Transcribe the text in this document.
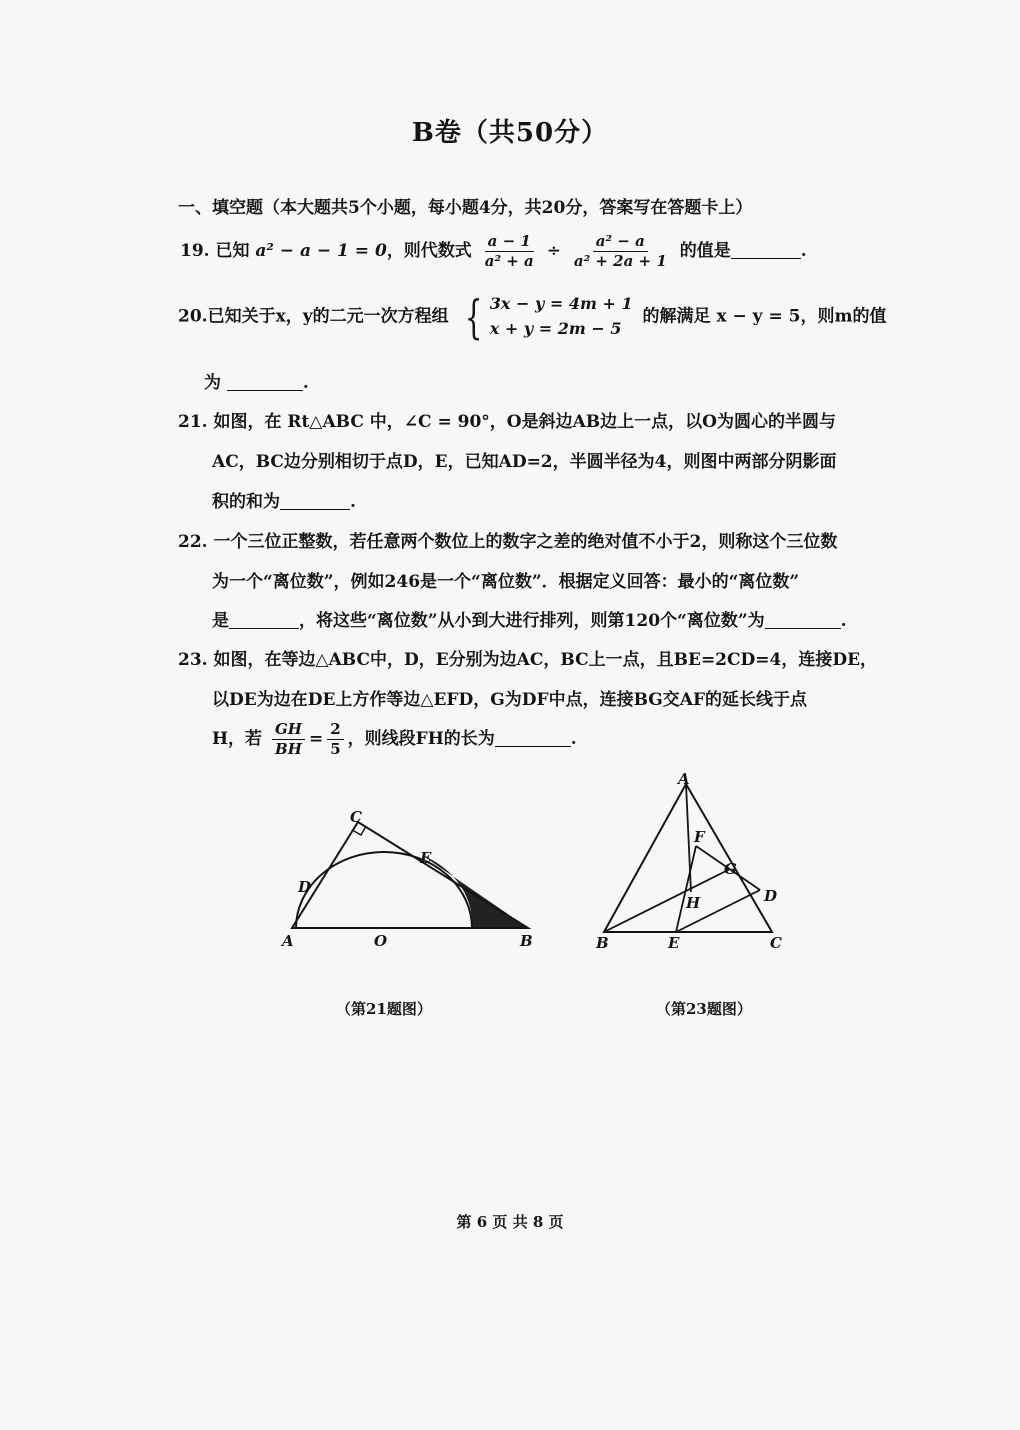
B卷（共50分）
一、填空题（本大题共5个小题，每小题4分，共20分，答案写在答题卡上）
19. 已知 a² − a − 1 = 0，则代数式 $\frac{a - 1}{\text{a² + a}} \div \frac{\text{a² − a}}{\text{a² + 2a + 1}}$ 的值是	.
20.已知关于x，y的二元一次方程组 { 3x − y = 4m + 1
x + y = 2m − 5
的解满足 x − y = 5，则m的值
为	.
21. 如图，在 Rt△ABC 中，∠C = 90°，O是斜边AB边上一点，以O为圆心的半圆与
AC，BC边分别相切于点D，E，已知AD=2，半圆半径为4，则图中两部分阴影面
积的和为	.
22. 一个三位正整数，若任意两个数位上的数字之差的绝对值不小于2，则称这个三位数
为一个“离位数”，例如246是一个“离位数”．根据定义回答：最小的“离位数”
是	，将这些“离位数”从小到大进行排列，则第120个“离位数”为	.
23. 如图，在等边△ABC中，D，E分别为边AC，BC上一点，且BE=2CD=4，连接DE，
以DE为边在DE上方作等边△EFD，G为DF中点，连接BG交AF的延长线于点
H，若 $\frac{GH}{BH} = \frac{2}{5}$ ，则线段FH的长为	.
A	O	B
C
D
E
（第21题图）
A
B	C
D
E
F
G
H
（第23题图）
第 6 页 共 8 页
